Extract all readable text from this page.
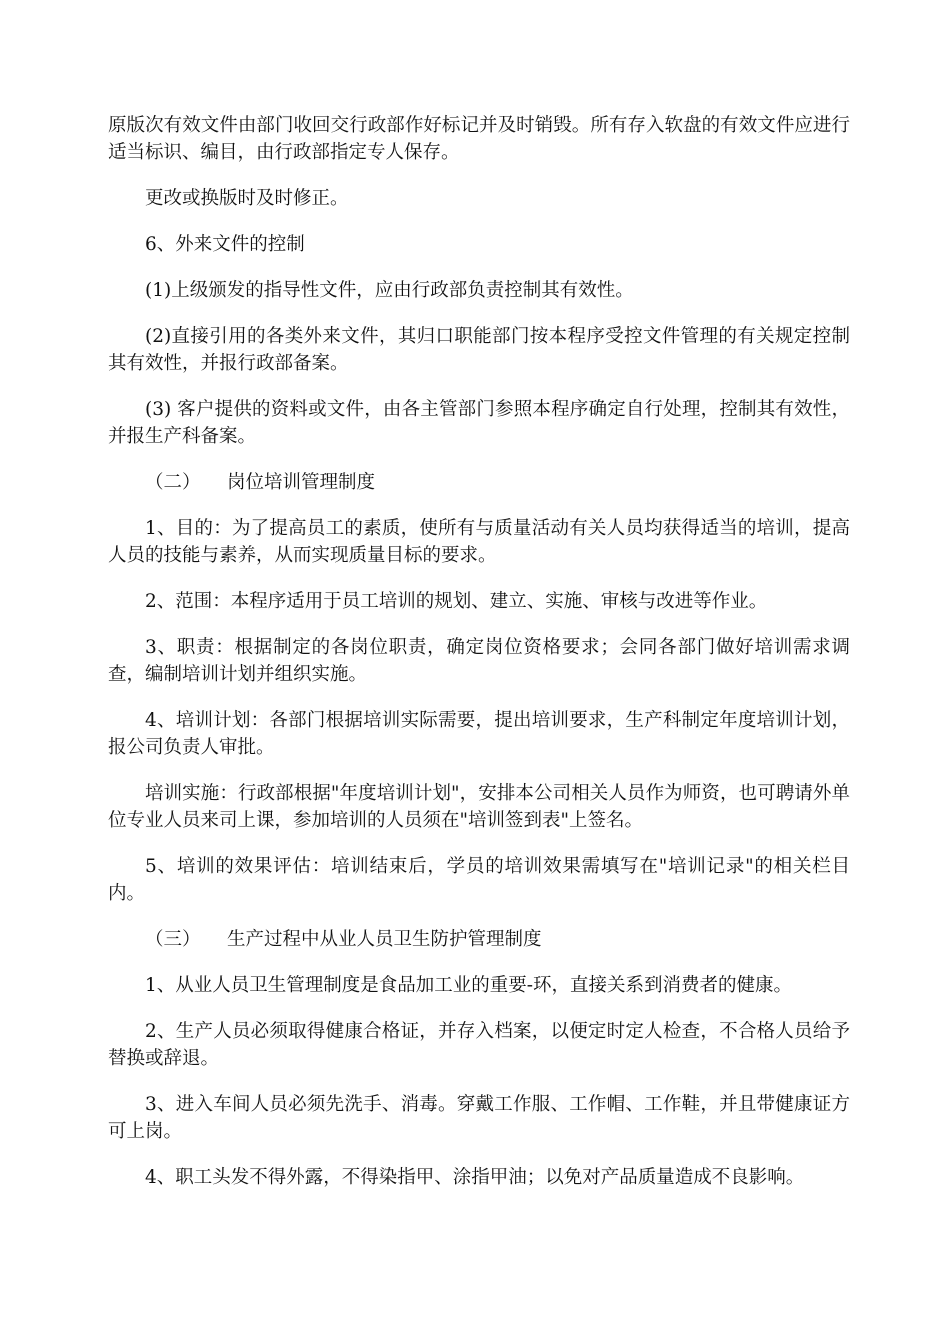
原版次有效文件由部门收回交行政部作好标记并及时销毁。所有存入软盘的有效文件应进行适当标识、编目，由行政部指定专人保存。

更改或换版时及时修正。

6、外来文件的控制

(1)上级颁发的指导性文件，应由行政部负责控制其有效性。

(2)直接引用的各类外来文件，其归口职能部门按本程序受控文件管理的有关规定控制其有效性，并报行政部备案。

(3) 客户提供的资料或文件，由各主管部门参照本程序确定自行处理，控制其有效性，并报生产科备案。

（二） 岗位培训管理制度

1、目的：为了提高员工的素质，使所有与质量活动有关人员均获得适当的培训，提高人员的技能与素养，从而实现质量目标的要求。

2、范围：本程序适用于员工培训的规划、建立、实施、审核与改进等作业。

3、职责：根据制定的各岗位职责，确定岗位资格要求；会同各部门做好培训需求调查，编制培训计划并组织实施。

4、培训计划：各部门根据培训实际需要，提出培训要求，生产科制定年度培训计划，报公司负责人审批。

培训实施：行政部根据"年度培训计划"，安排本公司相关人员作为师资，也可聘请外单位专业人员来司上课，参加培训的人员须在"培训签到表"上签名。

5、培训的效果评估：培训结束后，学员的培训效果需填写在"培训记录"的相关栏目内。

（三） 生产过程中从业人员卫生防护管理制度

1、从业人员卫生管理制度是食品加工业的重要-环，直接关系到消费者的健康。

2、生产人员必须取得健康合格证，并存入档案，以便定时定人检查，不合格人员给予替换或辞退。

3、进入车间人员必须先洗手、消毒。穿戴工作服、工作帽、工作鞋，并且带健康证方可上岗。

4、职工头发不得外露，不得染指甲、涂指甲油；以免对产品质量造成不良影响。
